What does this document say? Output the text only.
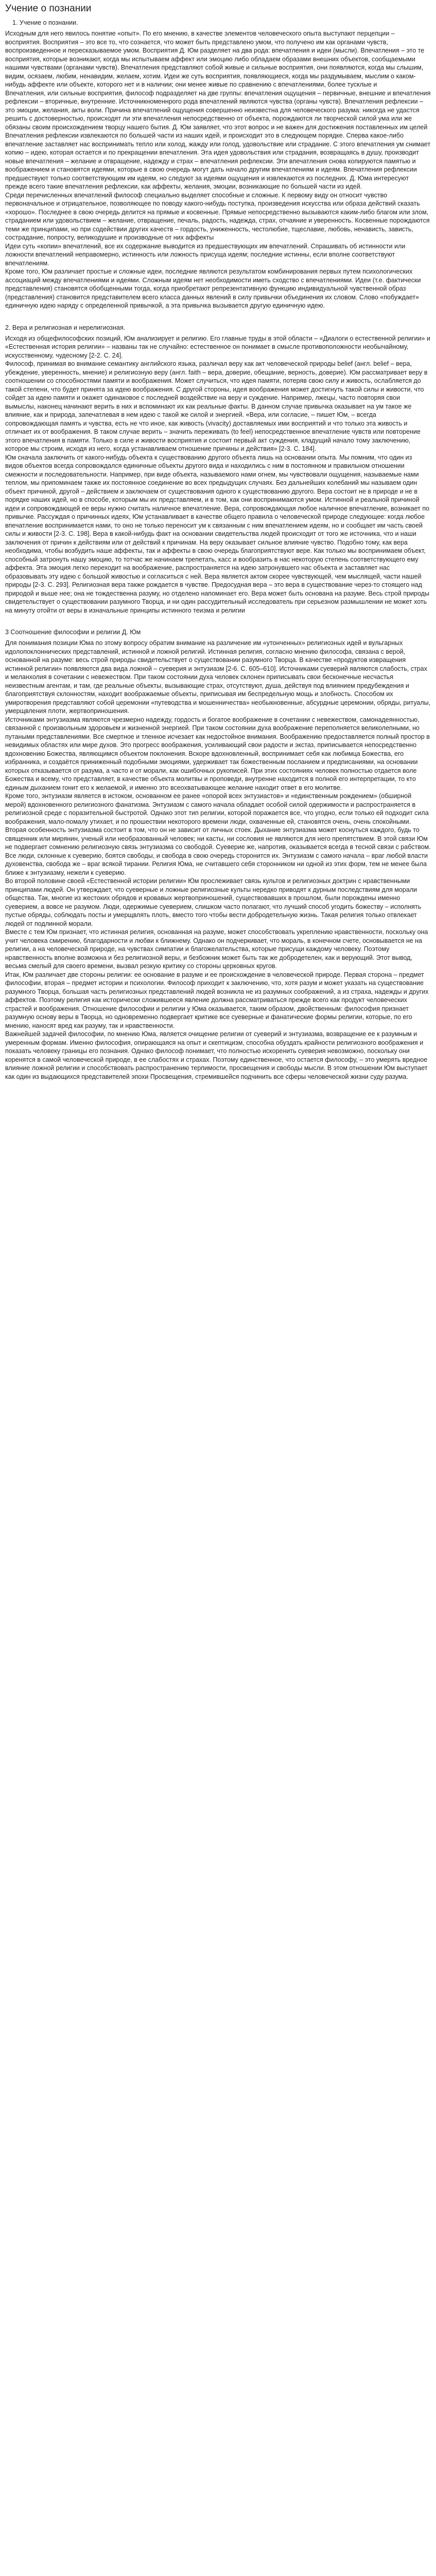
Учение о познании
1. Учение о познании.

Исходным для него явилось понятие «опыт». По его мнению, в качестве элементов человеческого опыта выступают перцепции – восприятия. Восприятия – это все то, что сознается, что может быть представлено умом, что получено им как органами чувств, воспроизведенное и пересказываемое умом. Восприятия Д. Юм разделяет на два рода: впечатления и идеи (мысли). Впечатления – это те восприятия, которые возникают, когда мы испытываем аффект или эмоцию либо обладаем образами внешних объектов, сообщаемыми нашими чувствами (органами чувств). Впечатления представляют собой живые и сильные восприятия, они появляются, когда мы слышим, видим, осязаем, любим, ненавидим, желаем, хотим. Идеи же суть восприятия, появляющиеся, когда мы раздумываем, мыслим о каком-нибудь аффекте или объекте, которого нет и в наличии; они менее живые по сравнению с впечатлениями, более тусклые и

Впечатления, или сильные восприятия, философ подразделяет на две группы: впечатления ощущения – первичные, внешние и впечатления рефлексии – вторичные, внутренние. Источникноменнрого рода впечатлений являются чувства (органы чувств). Впечатления рефлексии – это эмоции, желания, акты воли. Причина впечатлений ощущения совершенно неизвестна для человеческого разума: никогда не удастся решить с достоверностью, происходят ли эти впечатления непосредственно от объекта, порождаются ли творческой силой ума или же обязаны своим происхождением творцу нашего бытия. Д. Юм заявляет, что этот вопрос и не важен для достижения поставленных им целей

Впечатления рефлексии извлекаются по большей части из наших идей, и происходит это в следующем порядке. Сперва какое-либо впечатление заставляет нас воспринимать тепло или холод, жажду или голод, удовольствие или страдание. С этого впечатления ум снимает копию – идею, которая остается и по прекращении впечатления. Эта идея удовольствия или страдания, возвращаясь в душу, производит новые впечатления – желание и отвращение, надежду и страх – впечатления рефлексии. Эти впечатления снова копируются памятью и воображением и становятся идеями, которые в свою очередь могут дать начало другим впечатлениям и идеям. Впечатления рефлексии предшествуют только соответствующим им идеям, но следуют за идеями ощущения и извлекаются из последних. Д. Юма интересуют прежде всего такие впечатления рефлексии, как аффекты, желания, эмоции, возникающие по большей части из идей.

Среди перечисленных впечатлений философ специально выделяет способные и сложные. К первому виду он относит чувство первоначальное и отрицательное, позволяющее по поводу какого-нибудь поступка, произведения искусства или образа действий сказать «хорошо». Последнее в свою очередь делится на прямые и косвенные. Прямые непосредственно вызываются каким-либо благом или злом, страданием или удовольствием – желание, отвращение, печаль, радость, надежда, страх, отчаяние и уверенность. Косвенные порождаются теми же принципами, но при содействии других качеств – гордость, униженность, честолюбие, тщеславие, любовь, ненависть, зависть, сострадание, попросту, великодушие и производные от них аффекты

Идеи суть «копии» впечатлений, все их содержание выводится из предшествующих им впечатлений. Спрашивать об истинности или ложности впечатлений неправомерно, истинность или ложность присуща идеям; последние истинны, если вполне соответствуют впечатлениям.

Кроме того, Юм различает простые и сложные идеи, последние являются результатом комбинирования первых путем психологических ассоциаций между впечатлениями и идеями. Сложным идеям нет необходимости иметь сходство с впечатлениями. Идеи (т.е. фактически представления) становятся обобщенными тогда, когда приобретают репрезентативную функцию индивидуальной чувственной образ (представления) становится представителем всего класса данных явлений в силу привычки объединения их словом. Слово «побуждает» единичную идею наряду с определенной привычкой, а эта привычка вызывается другую единичную идею.

2. Вера и религиозная и нерелигиозная.

Исходя из общефилософских позиций, Юм анализирует и религию. Его главные труды в этой области – «Диалоги о естественной религии» и «Естественная история религии» – названы так не случайно: естественное он понимает в смысле противоположности необычайному, искусственному, чудесному [2-2. С. 24].

Философ, принимая во внимание семантику английского языка, различал веру как акт человеческой природы belief (англ. belief – вера, убеждение, уверенность, мнение) и религиозную веру (англ. faith – вера, доверие, обещание, верность, доверие). Юм рассматривает веру в соотношении со способностями памяти и воображения. Может случиться, что идея памяти, потеряв свою силу и живость, ослабляется до такой степени, что будет принята за идею воображения. С другой стороны, идея воображения может достигнуть такой силы и живости, что сойдет за идею памяти и окажет одинаковое с последней воздействие на веру и суждение. Например, лжецы, часто повторяя свои вымыслы, наконец начинают верить в них и вспоминают их как реальные факты. В данном случае привычка оказывает на ум такое же влияние, как и природа, запечатлевая в нем идею с такой же силой и энергией. «Вера, или согласие, – пишет Юм, – всегда сопровождающая память и чувства, есть не что иное, как живость (vivacity) доставляемых ими восприятий и что только эта живость и отличает их от воображения. В таком случае верить – значить переживать (to feel) непосредственное впечатление чувств или повторение этого впечатления в памяти. Только в силе и живости восприятия и состоит первый акт суждения, кладущий начало тому заключению, которое мы строим, исходя из него, когда устанавливаем отношение причины и действия» [2-3. С. 184].

Юм сначала заключить от какого-нибудь объекта к существованию другого объекта лишь на основании опыта. Мы помним, что один из видов объектов всегда сопровождался единичные объекты другого вида и находились с ним в постоянном и правильном отношении смежности и последовательности. Например, при виде объекта, называемого нами огнем, мы чувствовали ощущения, называемые нами теплом, мы припоминаем также их постоянное соединение во всех предыдущих случаях. Без дальнейших колебаний мы называем один объект причиной, другой – действием и заключаем от существования одного к существованию другого. Вера состоит не в природе и не в порядке наших идей, но в способе, которым мы их представляем, и в том, как они воспринимаются умом. Истинной и реальной причиной идеи и сопровождающей ее веры нужно считать наличное впечатление. Вера, сопровождающая любое наличное впечатление, возникает по привычке. Рассуждая о причинных идеях, Юм устанавливает в качестве общего правила о человеческой природе следующее: когда любое впечатление воспринимается нами, то оно не только переносит ум к связанным с ним впечатлением идеям, но и сообщает им часть своей силы и живости [2-3. С. 198]. Вера в какой-нибудь факт на основании свидетельства людей происходит от того же источника, что и наши заключения от причин к действиям или от действий к причинам. На веру оказывает сильное влияние чувство. Подобно тому, как вера необходима, чтобы возбудить наше аффекты, так и аффекты в свою очередь благоприятствуют вере. Как только мы воспринимаем объект, способный затронуть нашу эмоцию, то тотчас же начинаем трепетать, касс и вообразить в нас некоторую степень соответствующего ему аффекта. Эта эмоция легко переходит на воображение, распространяется на идею затронувшего нас объекта и заставляет нас образовывать эту идею с большой живостью и согласиться с ней. Вера является актом скорее чувствующей, чем мыслящей, части нашей природы [2-3. С. 293]. Религиозная вера также рождается в чувстве. Предосудная вера – это вера в существование через-то стоящего над природой и выше нее; она не тождественна разуму, но отделено напоминает его. Вера может быть основана на разуме. Весь строй природы свидетельствует о существовании разумного Творца, и ни один рассудительный исследователь при серьезном размышлении не может хоть на минуту отойти от веры в изначальные принципы истинного теизма и религии

3 Соотношение философии и религии Д. Юм

Для понимания позиции Юма по этому вопросу обратим внимание на различение им «утонченных» религиозных идей и вульгарных идолопоклоннических представлений, истинной и ложной религий. Истинная религия, согласно мнению философа, связана с верой, основанной на разуме: весь строй природы свидетельствует о существовании разумного Творца. В качестве «продуктов извращения истинной религии» появляются два вида ложной – суеверия и энтузиазм [2-6. С. 605–610]. Источниками суеверий являются слабость, страх и меланхолия в сочетании с невежеством. При таком состоянии духа человек склонен приписывать свои бесконечные несчастья неизвестным агентам, и там, где реальные объекты, вызывающие страх, отсутствуют, душа, действуя под влиянием предубеждения и благоприятствуя склонностям, находит воображаемые объекты, приписывая им беспредельную мощь и злобность. Способом их умиротворения представляют собой церемонии «путеводства и мошенничества» необыкновенные, абсурдные церемонии, обряды, ритуалы, умерщвления плоти, жертвоприношения.

Источниками энтузиазма являются чрезмерно надежду, гордость и богатое воображение в сочетании с невежеством, самонадеянностью, связанной с произвольным здоровьем и жизненной энергией. При таком состоянии духа воображение переполняется великолепными, но путаными представлениями. Все смертное и тленное исчезает как недостойное внимания. Воображению предоставляется полный простор в невидимых областях или мире духов. Это прогресс воображения, усиливающий свои радости и экстаз, приписывается непосредственно вдохновению Божества, являющимся объектом поклонения. Вскоре вдохновленный, воспринимает себя как любимца Божества, его избранника, и создаётся приниженный подобными эмоциями, удерживает так божественным посланием и предписаниями, на основании которых отказывается от разума, а часто и от морали, как ошибочных рукописей. При этих состояниях человек полностью отдается воле Божества и всему, что представляет, в качестве объекта молитвы и проповеди, внутренне находится в полной его интерпретации, то кто единым дыханием гонит его к желаемой, и именно это всеохватывающее желание находит ответ в его молитве.

Кроме того, энтузиазм является в истоком, основанном ее ранее «опорой всех энтузиастов» и «единственным рождением» (обширной мерой) вдохновенного религиозного фанатизма. Энтузиазм с самого начала обладает особой силой одержимости и распространяется в религиозной среде с поразительной быстротой. Однако этот тип религии, которой поражается все, что угодно, если только ей подходит сила воображения, мало-помалу утихает, и по прошествии некоторого времени люди, охваченные ей, становятся очень, очень спокойными. Вторая особенность энтузиазма состоит в том, что он не зависит от личных стоек. Дыхание энтузиазма может коснуться каждого, будь то священник или мирянин, ученый или необразованный человек; ни касты, ни сословия не являются для него препятствием. В этой связи Юм не подвергает сомнению религиозную связь энтузиазма со свободой. Суеверие же, напротив, оказывается всегда в тесной связи с рабством. Все люди, склонные к суеверию, боятся свободы, и свобода в свою очередь сторонится их. Энтузиазм с самого начала – враг любой власти духовенства, свобода же – враг всякой тирании. Религия Юма, не считавшего себя сторонником ни одной из этих форм, тем не менее была ближе к энтузиазму, нежели к суеверию.

Во второй половине своей «Естественной истории религии» Юм прослеживает связь культов и религиозных доктрин с нравственными принципами людей. Он утверждает, что суеверные и ложные религиозные культы нередко приводят к дурным последствиям для морали общества. Так, многие из жестоких обрядов и кровавых жертвоприношений, существовавших в прошлом, были порождены именно суеверием, а вовсе не разумом. Люди, одержимые суеверием, слишком часто полагают, что лучший способ угодить божеству – исполнять пустые обряды, соблюдать посты и умерщвлять плоть, вместо того чтобы вести добродетельную жизнь. Такая религия только отвлекает людей от подлинной морали.

Вместе с тем Юм признает, что истинная религия, основанная на разуме, может способствовать укреплению нравственности, поскольку она учит человека смирению, благодарности и любви к ближнему. Однако он подчеркивает, что мораль, в конечном счете, основывается не на религии, а на человеческой природе, на чувствах симпатии и благожелательства, которые присущи каждому человеку. Поэтому нравственность вполне возможна и без религиозной веры, и безбожник может быть так же добродетелен, как и верующий. Этот вывод, весьма смелый для своего времени, вызвал резкую критику со стороны церковных кругов.

Итак, Юм различает две стороны религии: ее основание в разуме и ее происхождение в человеческой природе. Первая сторона – предмет философии, вторая – предмет истории и психологии. Философ приходит к заключению, что, хотя разум и может указать на существование разумного Творца, большая часть религиозных представлений людей возникла не из разумных соображений, а из страха, надежды и других аффектов. Поэтому религия как исторически сложившееся явление должна рассматриваться прежде всего как продукт человеческих страстей и воображения. Отношение философии и религии у Юма оказывается, таким образом, двойственным: философия признает разумную основу веры в Творца, но одновременно подвергает критике все суеверные и фанатические формы религии, которые, по его мнению, наносят вред как разуму, так и нравственности.

Важнейшей задачей философии, по мнению Юма, является очищение религии от суеверий и энтузиазма, возвращение ее к разумным и умеренным формам. Именно философия, опирающаяся на опыт и скептицизм, способна обуздать крайности религиозного воображения и показать человеку границы его познания. Однако философ понимает, что полностью искоренить суеверия невозможно, поскольку они коренятся в самой человеческой природе, в ее слабостях и страхах. Поэтому единственное, что остается философу, – это умерять вредное влияние ложной религии и способствовать распространению терпимости, просвещения и свободы мысли. В этом отношении Юм выступает как один из выдающихся представителей эпохи Просвещения, стремившейся подчинить все сферы человеческой жизни суду разума.
